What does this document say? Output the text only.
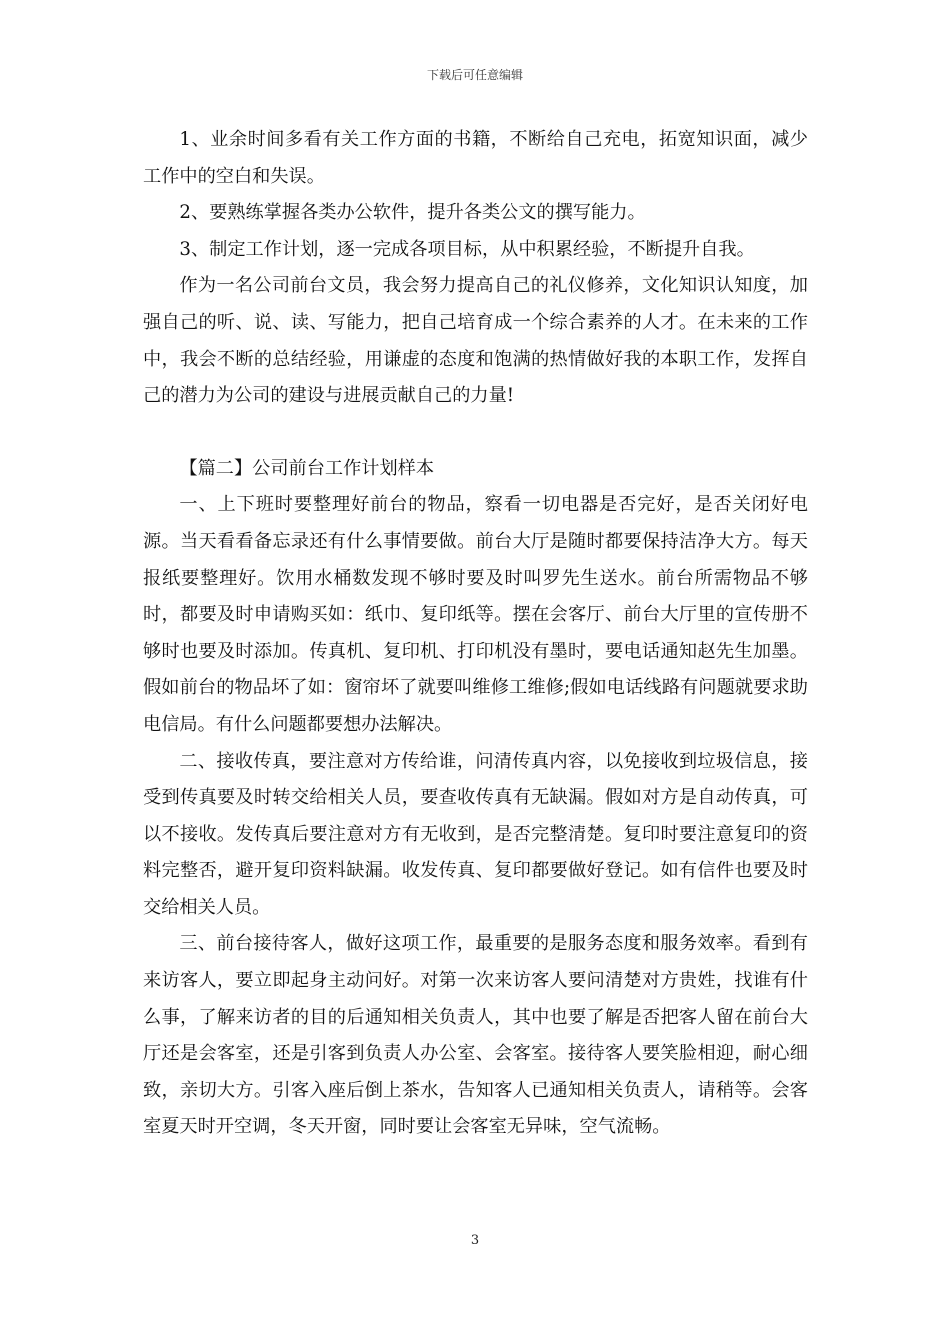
下载后可任意编辑

1、业余时间多看有关工作方面的书籍，不断给自己充电，拓宽知识面，减少工作中的空白和失误。

2、要熟练掌握各类办公软件，提升各类公文的撰写能力。

3、制定工作计划，逐一完成各项目标，从中积累经验，不断提升自我。

作为一名公司前台文员，我会努力提高自己的礼仪修养，文化知识认知度，加强自己的听、说、读、写能力，把自己培育成一个综合素养的人才。在未来的工作中，我会不断的总结经验，用谦虚的态度和饱满的热情做好我的本职工作，发挥自己的潜力为公司的建设与进展贡献自己的力量!

【篇二】公司前台工作计划样本

一、上下班时要整理好前台的物品，察看一切电器是否完好，是否关闭好电源。当天看看备忘录还有什么事情要做。前台大厅是随时都要保持洁净大方。每天报纸要整理好。饮用水桶数发现不够时要及时叫罗先生送水。前台所需物品不够时，都要及时申请购买如：纸巾、复印纸等。摆在会客厅、前台大厅里的宣传册不够时也要及时添加。传真机、复印机、打印机没有墨时，要电话通知赵先生加墨。假如前台的物品坏了如：窗帘坏了就要叫维修工维修;假如电话线路有问题就要求助电信局。有什么问题都要想办法解决。

二、接收传真，要注意对方传给谁，问清传真内容，以免接收到垃圾信息，接受到传真要及时转交给相关人员，要查收传真有无缺漏。假如对方是自动传真，可以不接收。发传真后要注意对方有无收到，是否完整清楚。复印时要注意复印的资料完整否，避开复印资料缺漏。收发传真、复印都要做好登记。如有信件也要及时交给相关人员。

三、前台接待客人，做好这项工作，最重要的是服务态度和服务效率。看到有来访客人，要立即起身主动问好。对第一次来访客人要问清楚对方贵姓，找谁有什么事，了解来访者的目的后通知相关负责人，其中也要了解是否把客人留在前台大厅还是会客室，还是引客到负责人办公室、会客室。接待客人要笑脸相迎，耐心细致，亲切大方。引客入座后倒上茶水，告知客人已通知相关负责人，请稍等。会客室夏天时开空调，冬天开窗，同时要让会客室无异味，空气流畅。

3
